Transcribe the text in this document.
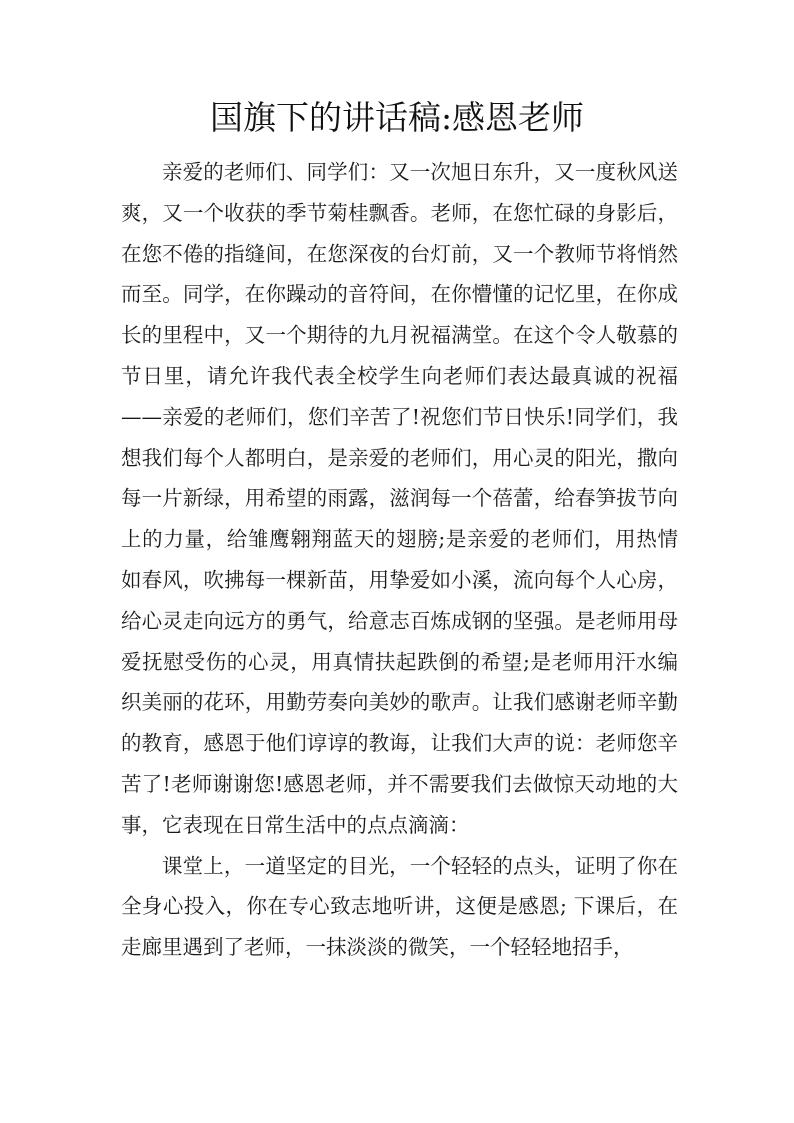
国旗下的讲话稿:感恩老师

亲爱的老师们、同学们：又一次旭日东升，又一度秋风送爽，又一个收获的季节菊桂飘香。老师，在您忙碌的身影后，在您不倦的指缝间，在您深夜的台灯前，又一个教师节将悄然而至。同学，在你躁动的音符间，在你懵懂的记忆里，在你成长的里程中，又一个期待的九月祝福满堂。在这个令人敬慕的节日里，请允许我代表全校学生向老师们表达最真诚的祝福——亲爱的老师们，您们辛苦了!祝您们节日快乐!同学们，我想我们每个人都明白，是亲爱的老师们，用心灵的阳光，撒向每一片新绿，用希望的雨露，滋润每一个蓓蕾，给春笋拔节向上的力量，给雏鹰翱翔蓝天的翅膀;是亲爱的老师们，用热情如春风，吹拂每一棵新苗，用挚爱如小溪，流向每个人心房，给心灵走向远方的勇气，给意志百炼成钢的坚强。是老师用母爱抚慰受伤的心灵，用真情扶起跌倒的希望;是老师用汗水编织美丽的花环，用勤劳奏向美妙的歌声。让我们感谢老师辛勤的教育，感恩于他们谆谆的教诲，让我们大声的说：老师您辛苦了!老师谢谢您!感恩老师，并不需要我们去做惊天动地的大事，它表现在日常生活中的点点滴滴：

课堂上，一道坚定的目光，一个轻轻的点头，证明了你在全身心投入，你在专心致志地听讲，这便是感恩; 下课后，在走廊里遇到了老师，一抹淡淡的微笑，一个轻轻地招手，
